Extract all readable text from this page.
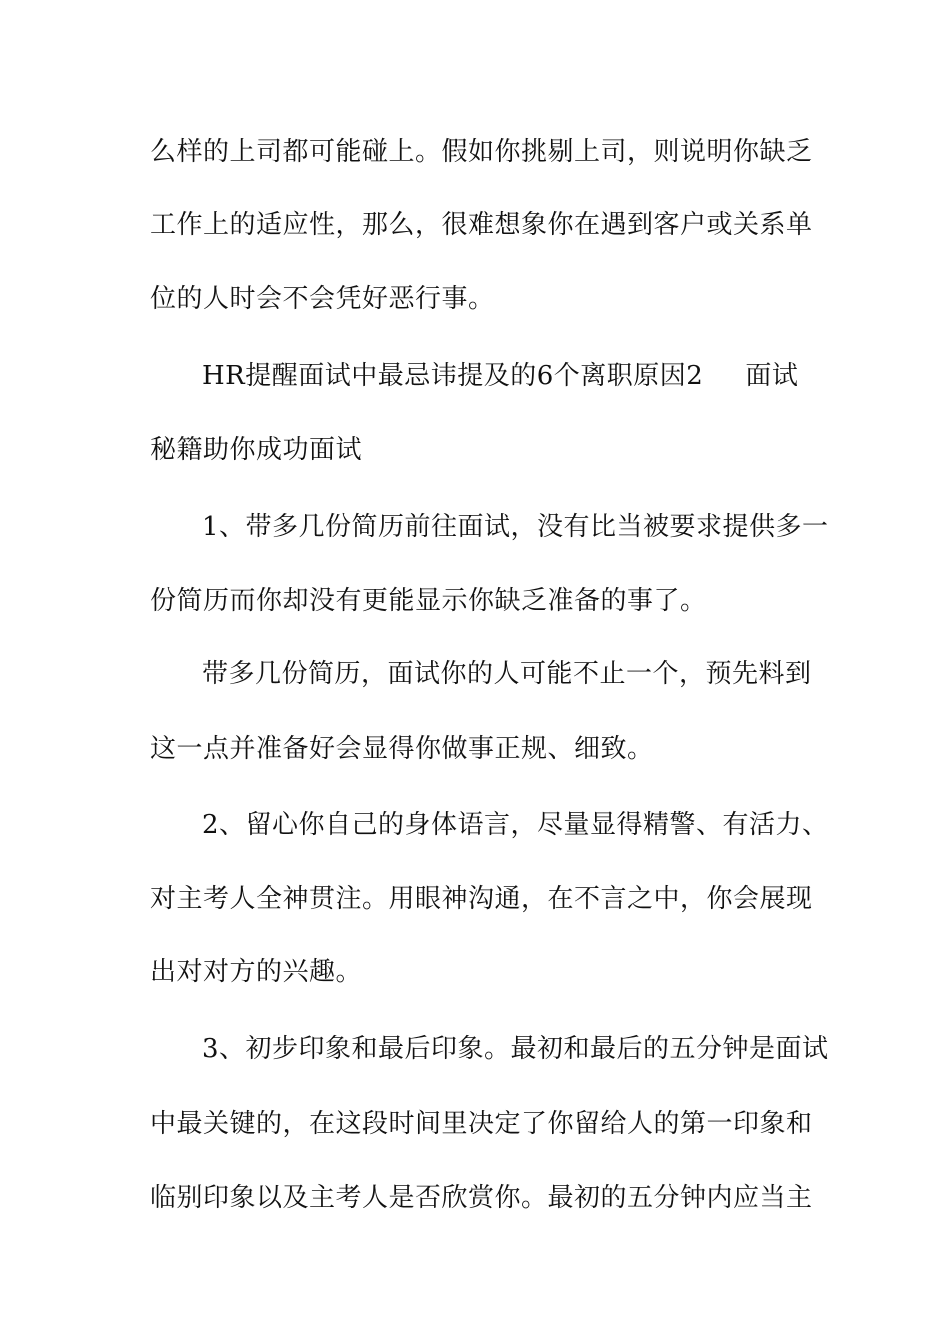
么样的上司都可能碰上。假如你挑剔上司，则说明你缺乏
工作上的适应性，那么，很难想象你在遇到客户或关系单
位的人时会不会凭好恶行事。
HR提醒面试中最忌讳提及的6个离职原因2 面试
秘籍助你成功面试
1、带多几份简历前往面试，没有比当被要求提供多一
份简历而你却没有更能显示你缺乏准备的事了。
带多几份简历，面试你的人可能不止一个，预先料到
这一点并准备好会显得你做事正规、细致。
2、留心你自己的身体语言，尽量显得精警、有活力、
对主考人全神贯注。用眼神沟通，在不言之中，你会展现
出对对方的兴趣。
3、初步印象和最后印象。最初和最后的五分钟是面试
中最关键的，在这段时间里决定了你留给人的第一印象和
临别印象以及主考人是否欣赏你。最初的五分钟内应当主
